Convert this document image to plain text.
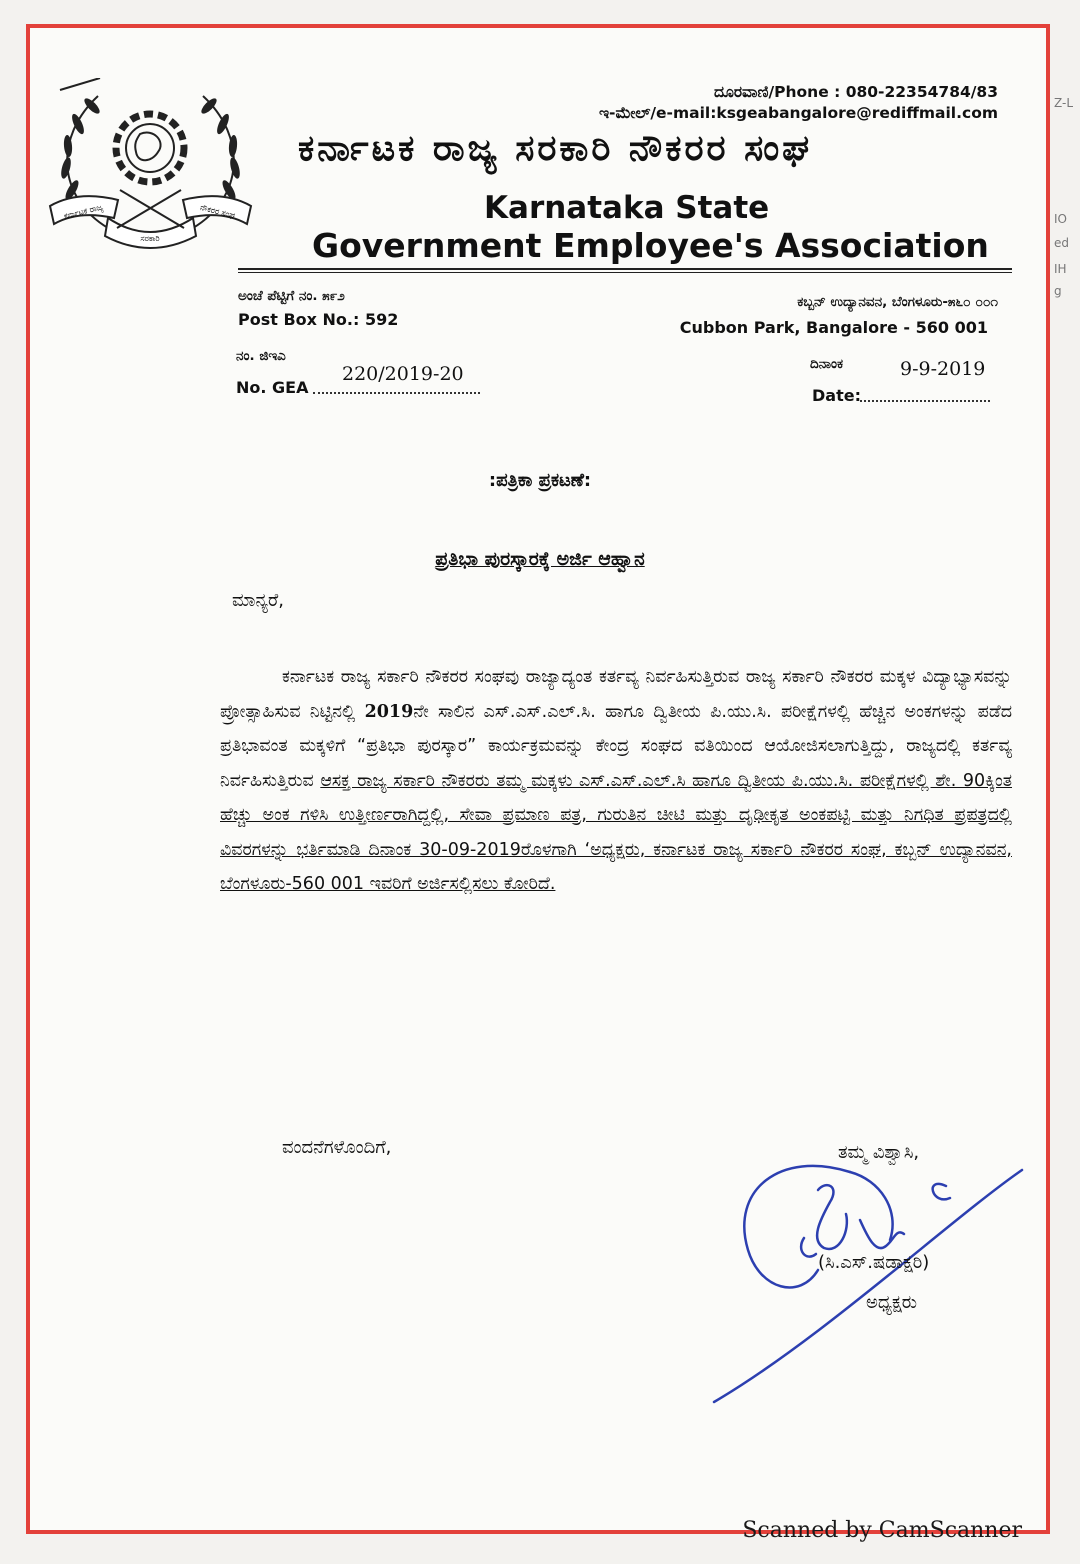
ಕರ್ನಾಟಕ ರಾಜ್ಯ	ನೌಕರರ ಸಂಘ
ಸರಕಾರಿ
ದೂರವಾಣಿ/Phone : 080-22354784/83
ಇ-ಮೇಲ್/e-mail:ksgeabangalore@rediffmail.com
ಕರ್ನಾಟಕ ರಾಜ್ಯ ಸರಕಾರಿ ನೌಕರರ ಸಂಘ
Karnataka State
Government Employee's Association
ಅಂಚೆ ಪೆಟ್ಟಿಗೆ ನಂ. ೫೯೨
Post Box No.: 592
ಕಬ್ಬನ್ ಉದ್ಯಾನವನ, ಬೆಂಗಳೂರು-೫೬೦ ೦೦೧
Cubbon Park, Bangalore - 560 001
ನಂ. ಜಿಇಎ
No. GEA
220/2019-20	ದಿನಾಂಕ
Date:
9-9-2019
:ಪತ್ರಿಕಾ ಪ್ರಕಟಣೆ:
ಪ್ರತಿಭಾ ಪುರಸ್ಕಾರಕ್ಕೆ ಅರ್ಜಿ ಆಹ್ವಾನ
ಮಾನ್ಯರೆ,
ಕರ್ನಾಟಕ ರಾಜ್ಯ ಸರ್ಕಾರಿ ನೌಕರರ ಸಂಘವು ರಾಜ್ಯಾದ್ಯಂತ ಕರ್ತವ್ಯ ನಿರ್ವಹಿಸುತ್ತಿರುವ ರಾಜ್ಯ ಸರ್ಕಾರಿ ನೌಕರರ ಮಕ್ಕಳ ವಿದ್ಯಾಭ್ಯಾಸವನ್ನು ಪ್ರೋತ್ಸಾಹಿಸುವ ನಿಟ್ಟಿನಲ್ಲಿ 2019ನೇ ಸಾಲಿನ ಎಸ್.ಎಸ್.ಎಲ್.ಸಿ. ಹಾಗೂ ದ್ವಿತೀಯ ಪಿ.ಯು.ಸಿ. ಪರೀಕ್ಷೆಗಳಲ್ಲಿ ಹೆಚ್ಚಿನ ಅಂಕಗಳನ್ನು ಪಡೆದ ಪ್ರತಿಭಾವಂತ ಮಕ್ಕಳಿಗೆ “ಪ್ರತಿಭಾ ಪುರಸ್ಕಾರ” ಕಾರ್ಯಕ್ರಮವನ್ನು ಕೇಂದ್ರ ಸಂಘದ ವತಿಯಿಂದ ಆಯೋಜಿಸಲಾಗುತ್ತಿದ್ದು, ರಾಜ್ಯದಲ್ಲಿ ಕರ್ತವ್ಯ ನಿರ್ವಹಿಸುತ್ತಿರುವ ಆಸಕ್ತ ರಾಜ್ಯ ಸರ್ಕಾರಿ ನೌಕರರು ತಮ್ಮ ಮಕ್ಕಳು ಎಸ್.ಎಸ್.ಎಲ್.ಸಿ ಹಾಗೂ ದ್ವಿತೀಯ ಪಿ.ಯು.ಸಿ. ಪರೀಕ್ಷೆಗಳಲ್ಲಿ ಶೇ. 90ಕ್ಕಿಂತ ಹೆಚ್ಚು ಅಂಕ ಗಳಿಸಿ ಉತ್ತೀರ್ಣರಾಗಿದ್ದಲ್ಲಿ, ಸೇವಾ ಪ್ರಮಾಣ ಪತ್ರ, ಗುರುತಿನ ಚೀಟಿ ಮತ್ತು ದೃಢೀಕೃತ ಅಂಕಪಟ್ಟಿ ಮತ್ತು ನಿಗಧಿತ ಪ್ರಪತ್ರದಲ್ಲಿ ವಿವರಗಳನ್ನು ಭರ್ತಿಮಾಡಿ ದಿನಾಂಕ 30-09-2019ರೊಳಗಾಗಿ ‘ಅಧ್ಯಕ್ಷರು, ಕರ್ನಾಟಕ ರಾಜ್ಯ ಸರ್ಕಾರಿ ನೌಕರರ ಸಂಘ, ಕಬ್ಬನ್ ಉದ್ಯಾನವನ, ಬೆಂಗಳೂರು-560 001 ಇವರಿಗೆ ಅರ್ಜಿಸಲ್ಲಿಸಲು ಕೋರಿದೆ.
ವಂದನೆಗಳೊಂದಿಗೆ,	ತಮ್ಮ ವಿಶ್ವಾಸಿ,
(ಸಿ.ಎಸ್.ಷಡಾಕ್ಷರಿ)
ಅಧ್ಯಕ್ಷರು
Z-L
IO
ed
IH
g
Scanned by CamScanner
